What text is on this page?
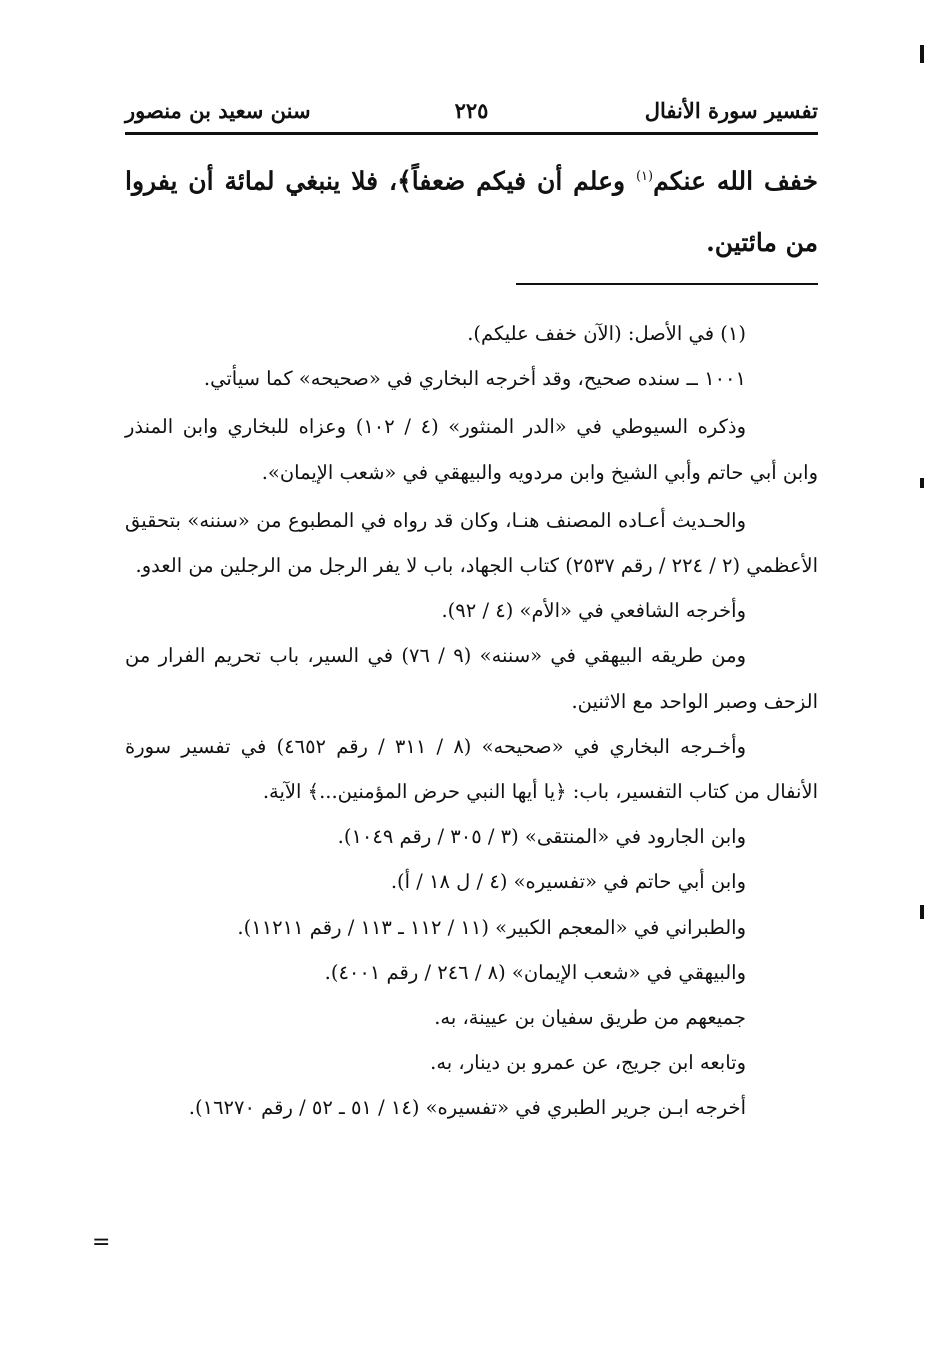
تفسير سورة الأنفال
٢٢٥
سنن سعيد بن منصور
خفف الله عنكم$^{(١)}$ وعلم أن فيكم ضعفاً﴾، فلا ينبغي لمائة أن يفروا من مائتين.

(١) في الأصل: (الآن خفف عليكم).

١٠٠١ ــ سنده صحيح، وقد أخرجه البخاري في «صحيحه» كما سيأتي.

وذكره السيوطي في «الدر المنثور» (٤ / ١٠٢) وعزاه للبخاري وابن المنذر وابن أبي حاتم وأبي الشيخ وابن مردويه والبيهقي في «شعب الإيمان».

والحـديث أعـاده المصنف هنـا، وكان قد رواه في المطبوع من «سننه» بتحقيق الأعظمي (٢ / ٢٢٤ / رقم ٢٥٣٧) كتاب الجهاد، باب لا يفر الرجل من الرجلين من العدو.

وأخرجه الشافعي في «الأم» (٤ / ٩٢).

ومن طريقه البيهقي في «سننه» (٩ / ٧٦) في السير، باب تحريم الفرار من الزحف وصبر الواحد مع الاثنين.

وأخـرجه البخاري في «صحيحه» (٨ / ٣١١ / رقم ٤٦٥٢) في تفسير سورة الأنفال من كتاب التفسير، باب: ﴿يا أيها النبي حرض المؤمنين...﴾ الآية.

وابن الجارود في «المنتقى» (٣ / ٣٠٥ / رقم ١٠٤٩).

وابن أبي حاتم في «تفسيره» (٤ / ل ١٨ / أ).

والطبراني في «المعجم الكبير» (١١ / ١١٢ ـ ١١٣ / رقم ١١٢١١).

والبيهقي في «شعب الإيمان» (٨ / ٢٤٦ / رقم ٤٠٠١).

جميعهم من طريق سفيان بن عيينة، به.

وتابعه ابن جريج، عن عمرو بن دينار، به.

أخرجه ابـن جرير الطبري في «تفسيره» (١٤ / ٥١ ـ ٥٢ / رقم ١٦٢٧٠).

=
